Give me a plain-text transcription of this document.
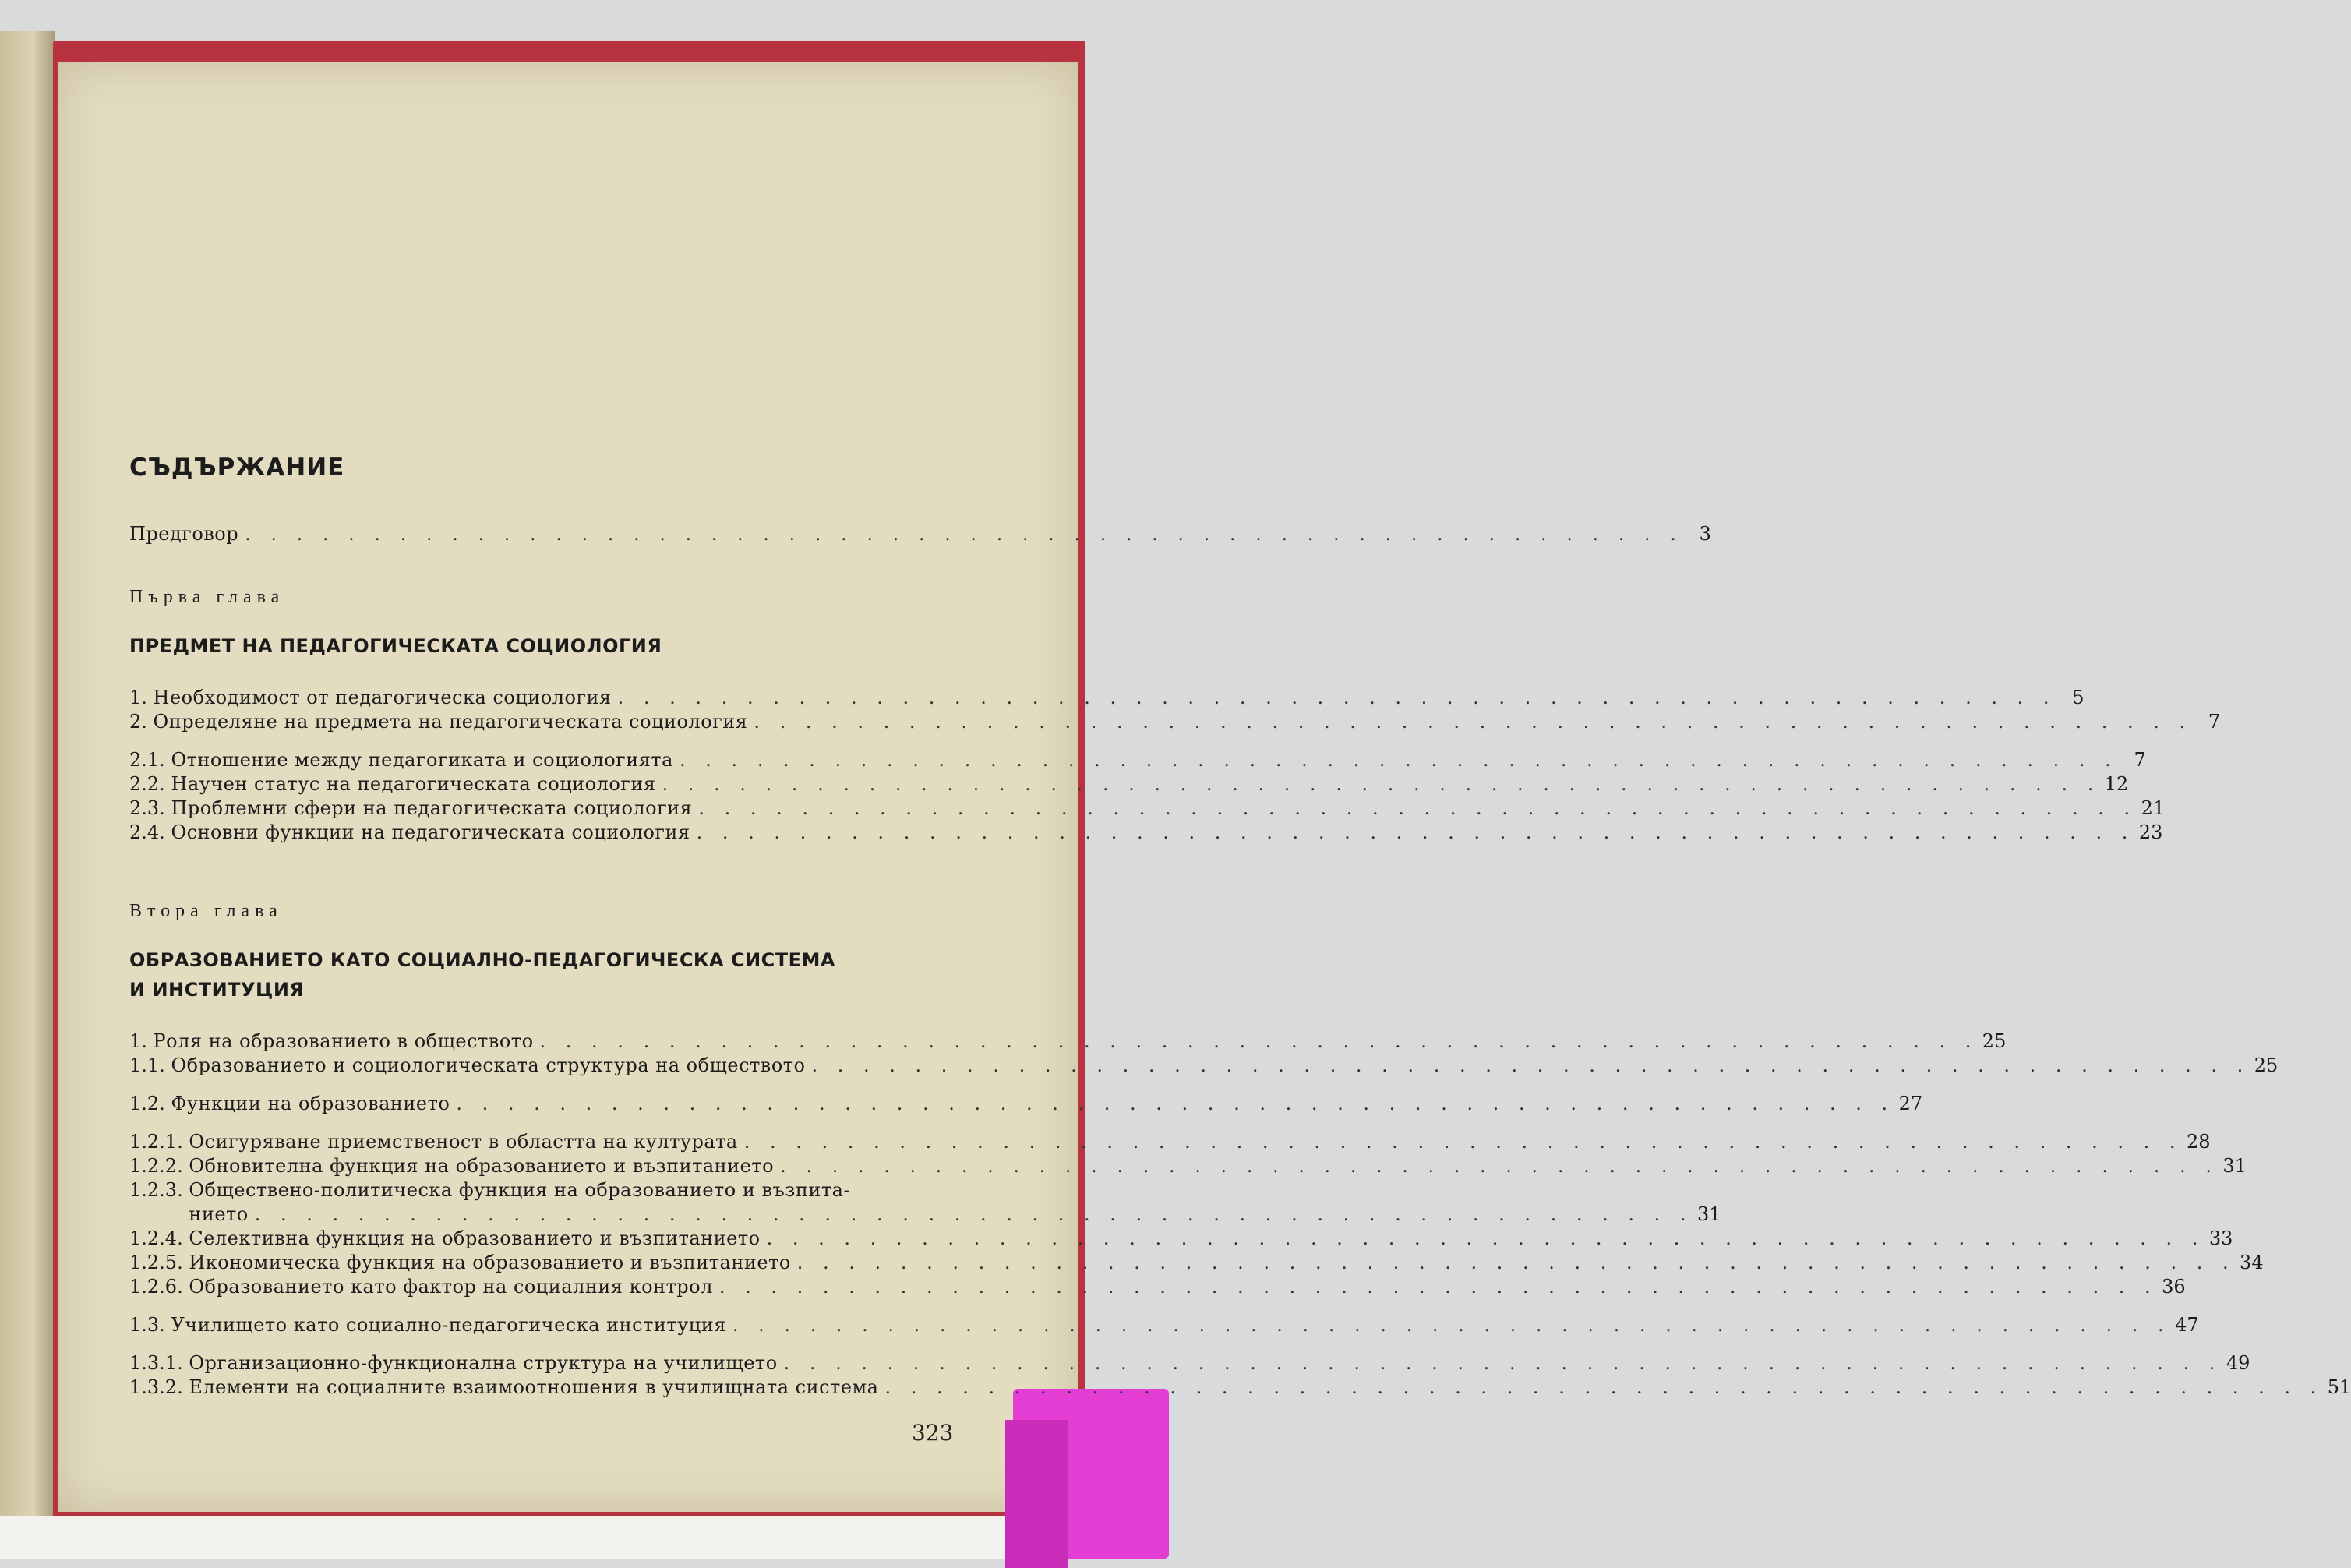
СЪДЪРЖАНИЕ
Предговор . . .	3
Първа глава
ПРЕДМЕТ НА ПЕДАГОГИЧЕСКАТА СОЦИОЛОГИЯ
1. Необходимост от педагогическа социология . . .	5
2. Определяне на предмета на педагогическата социология . . .	7
2.1. Отношение между педагогиката и социологията . . .	7
2.2. Научен статус на педагогическата социология . . .	12
2.3. Проблемни сфери на педагогическата социология . . .	21
2.4. Основни функции на педагогическата социология . . .	23
Втора глава
ОБРАЗОВАНИЕТО КАТО СОЦИАЛНО-ПЕДАГОГИЧЕСКА СИСТЕМА
И ИНСТИТУЦИЯ
1. Роля на образованието в обществото . . .	25
1.1. Образованието и социологическата структура на обществото . . .	25
1.2. Функции на образованието . . .	27
1.2.1. Осигуряване приемственост в областта на културата . . .	28
1.2.2. Обновителна функция на образованието и възпитанието . . .	31
1.2.3. Обществено-политическа функция на образованието и възпита-
нието . . .	31
1.2.4. Селективна функция на образованието и възпитанието . . .	33
1.2.5. Икономическа функция на образованието и възпитанието . . .	34
1.2.6. Образованието като фактор на социалния контрол . . .	36
1.3. Училището като социално-педагогическа институция . . .	47
1.3.1. Организационно-функционална структура на училището . . .	49
1.3.2. Елементи на социалните взаимоотношения в училищната система . . .	51
323
